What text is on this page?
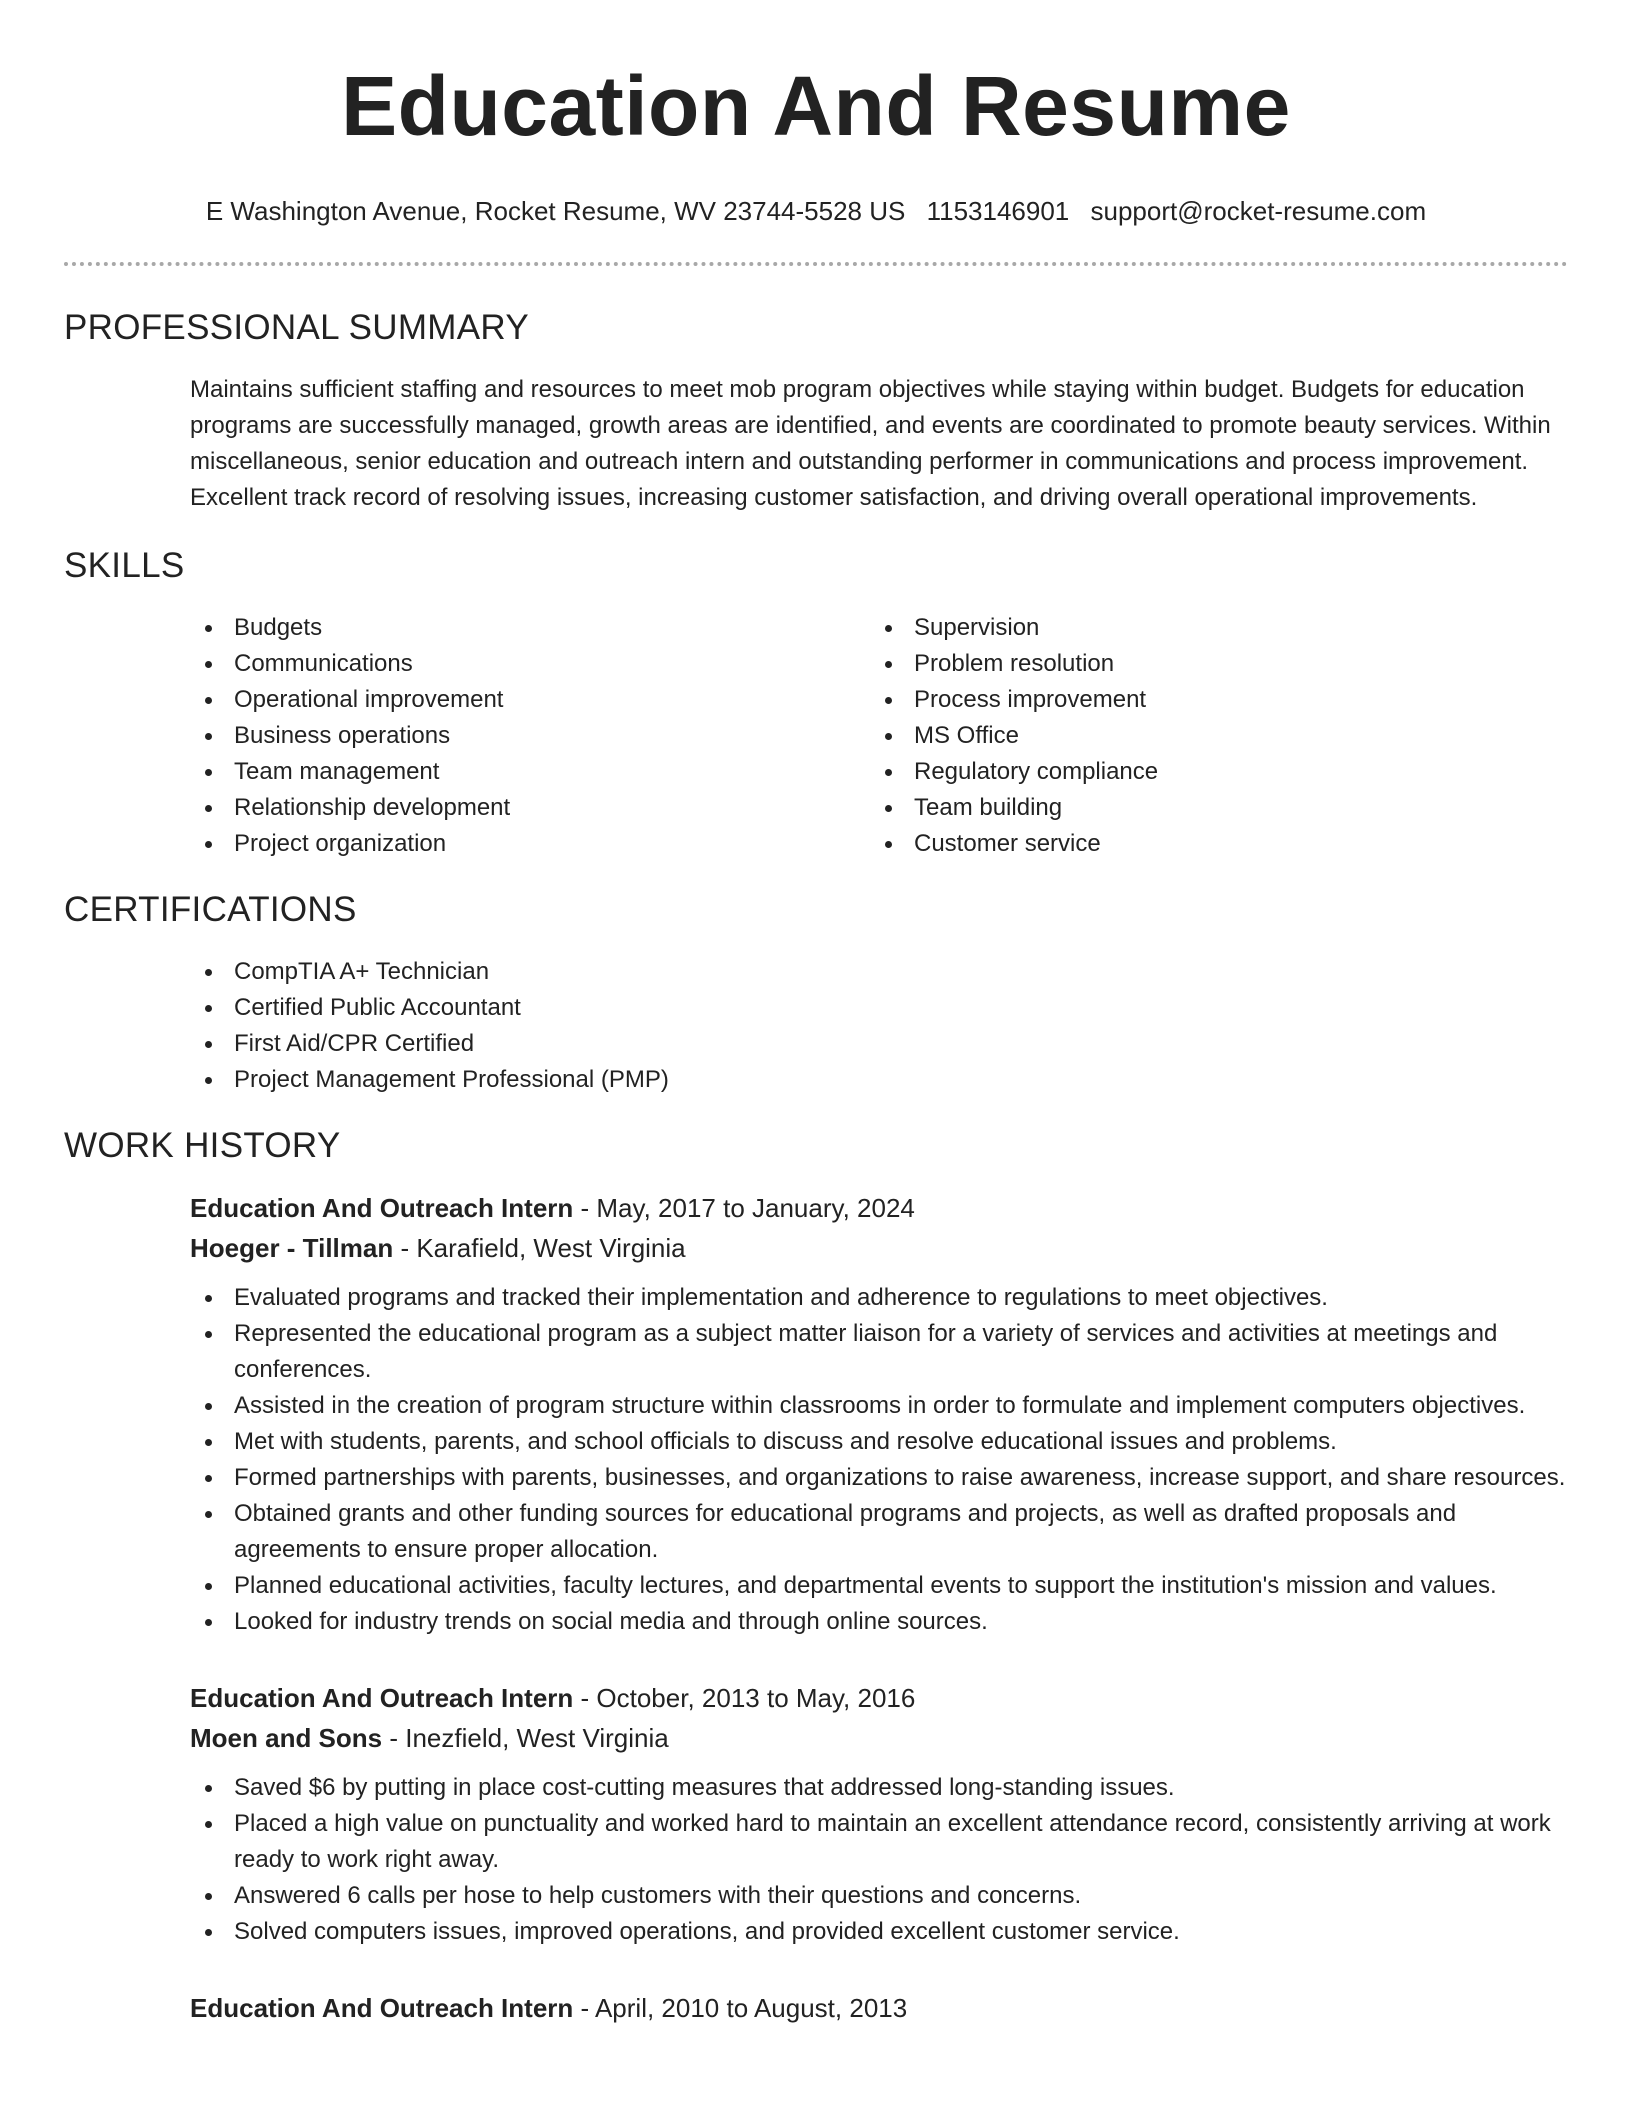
Education And Resume
E Washington Avenue, Rocket Resume, WV 23744-5528 US 1153146901 support@rocket-resume.com
PROFESSIONAL SUMMARY
Maintains sufficient staffing and resources to meet mob program objectives while staying within budget. Budgets for education programs are successfully managed, growth areas are identified, and events are coordinated to promote beauty services. Within miscellaneous, senior education and outreach intern and outstanding performer in communications and process improvement. Excellent track record of resolving issues, increasing customer satisfaction, and driving overall operational improvements.
SKILLS
Budgets
Communications
Operational improvement
Business operations
Team management
Relationship development
Project organization
Supervision
Problem resolution
Process improvement
MS Office
Regulatory compliance
Team building
Customer service
CERTIFICATIONS
CompTIA A+ Technician
Certified Public Accountant
First Aid/CPR Certified
Project Management Professional (PMP)
WORK HISTORY
Education And Outreach Intern - May, 2017 to January, 2024
Hoeger - Tillman - Karafield, West Virginia
Evaluated programs and tracked their implementation and adherence to regulations to meet objectives.
Represented the educational program as a subject matter liaison for a variety of services and activities at meetings and conferences.
Assisted in the creation of program structure within classrooms in order to formulate and implement computers objectives.
Met with students, parents, and school officials to discuss and resolve educational issues and problems.
Formed partnerships with parents, businesses, and organizations to raise awareness, increase support, and share resources.
Obtained grants and other funding sources for educational programs and projects, as well as drafted proposals and agreements to ensure proper allocation.
Planned educational activities, faculty lectures, and departmental events to support the institution's mission and values.
Looked for industry trends on social media and through online sources.
Education And Outreach Intern - October, 2013 to May, 2016
Moen and Sons - Inezfield, West Virginia
Saved $6 by putting in place cost-cutting measures that addressed long-standing issues.
Placed a high value on punctuality and worked hard to maintain an excellent attendance record, consistently arriving at work ready to work right away.
Answered 6 calls per hose to help customers with their questions and concerns.
Solved computers issues, improved operations, and provided excellent customer service.
Education And Outreach Intern - April, 2010 to August, 2013
